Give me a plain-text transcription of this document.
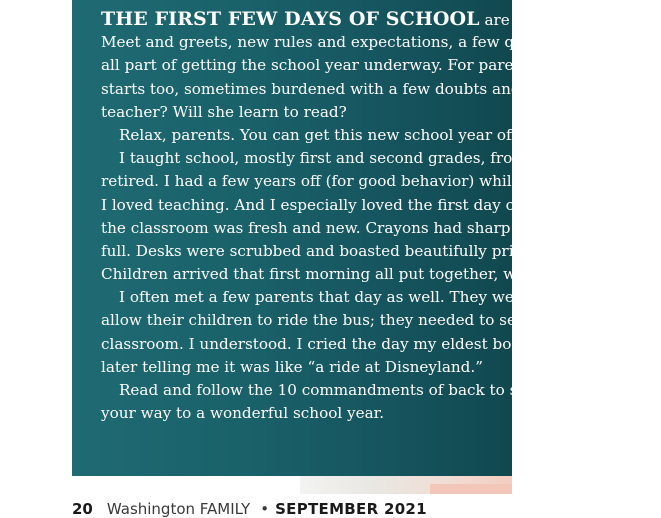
THE FIRST FEW DAYS OF SCHOOL are imp
Meet and greets, new rules and expectations, a few quea
all part of getting the school year underway. For parents
starts too, sometimes burdened with a few doubts and f
teacher? Will she learn to read?
Relax, parents. You can get this new school year off to
I taught school, mostly first and second grades, from 19
retired. I had a few years off (for good behavior) while I r
I loved teaching. And I especially loved the first day of sch
the classroom was fresh and new. Crayons had sharp poi
full. Desks were scrubbed and boasted beautifully printed
Children arrived that first morning all put together, wear
I often met a few parents that day as well. They were th
allow their children to ride the bus; they needed to see th
classroom. I understood. I cried the day my eldest boarde
later telling me it was like “a ride at Disneyland.”
Read and follow the 10 commandments of back to sch
your way to a wonderful school year.
20 Washington FAMILY • SEPTEMBER 2021
